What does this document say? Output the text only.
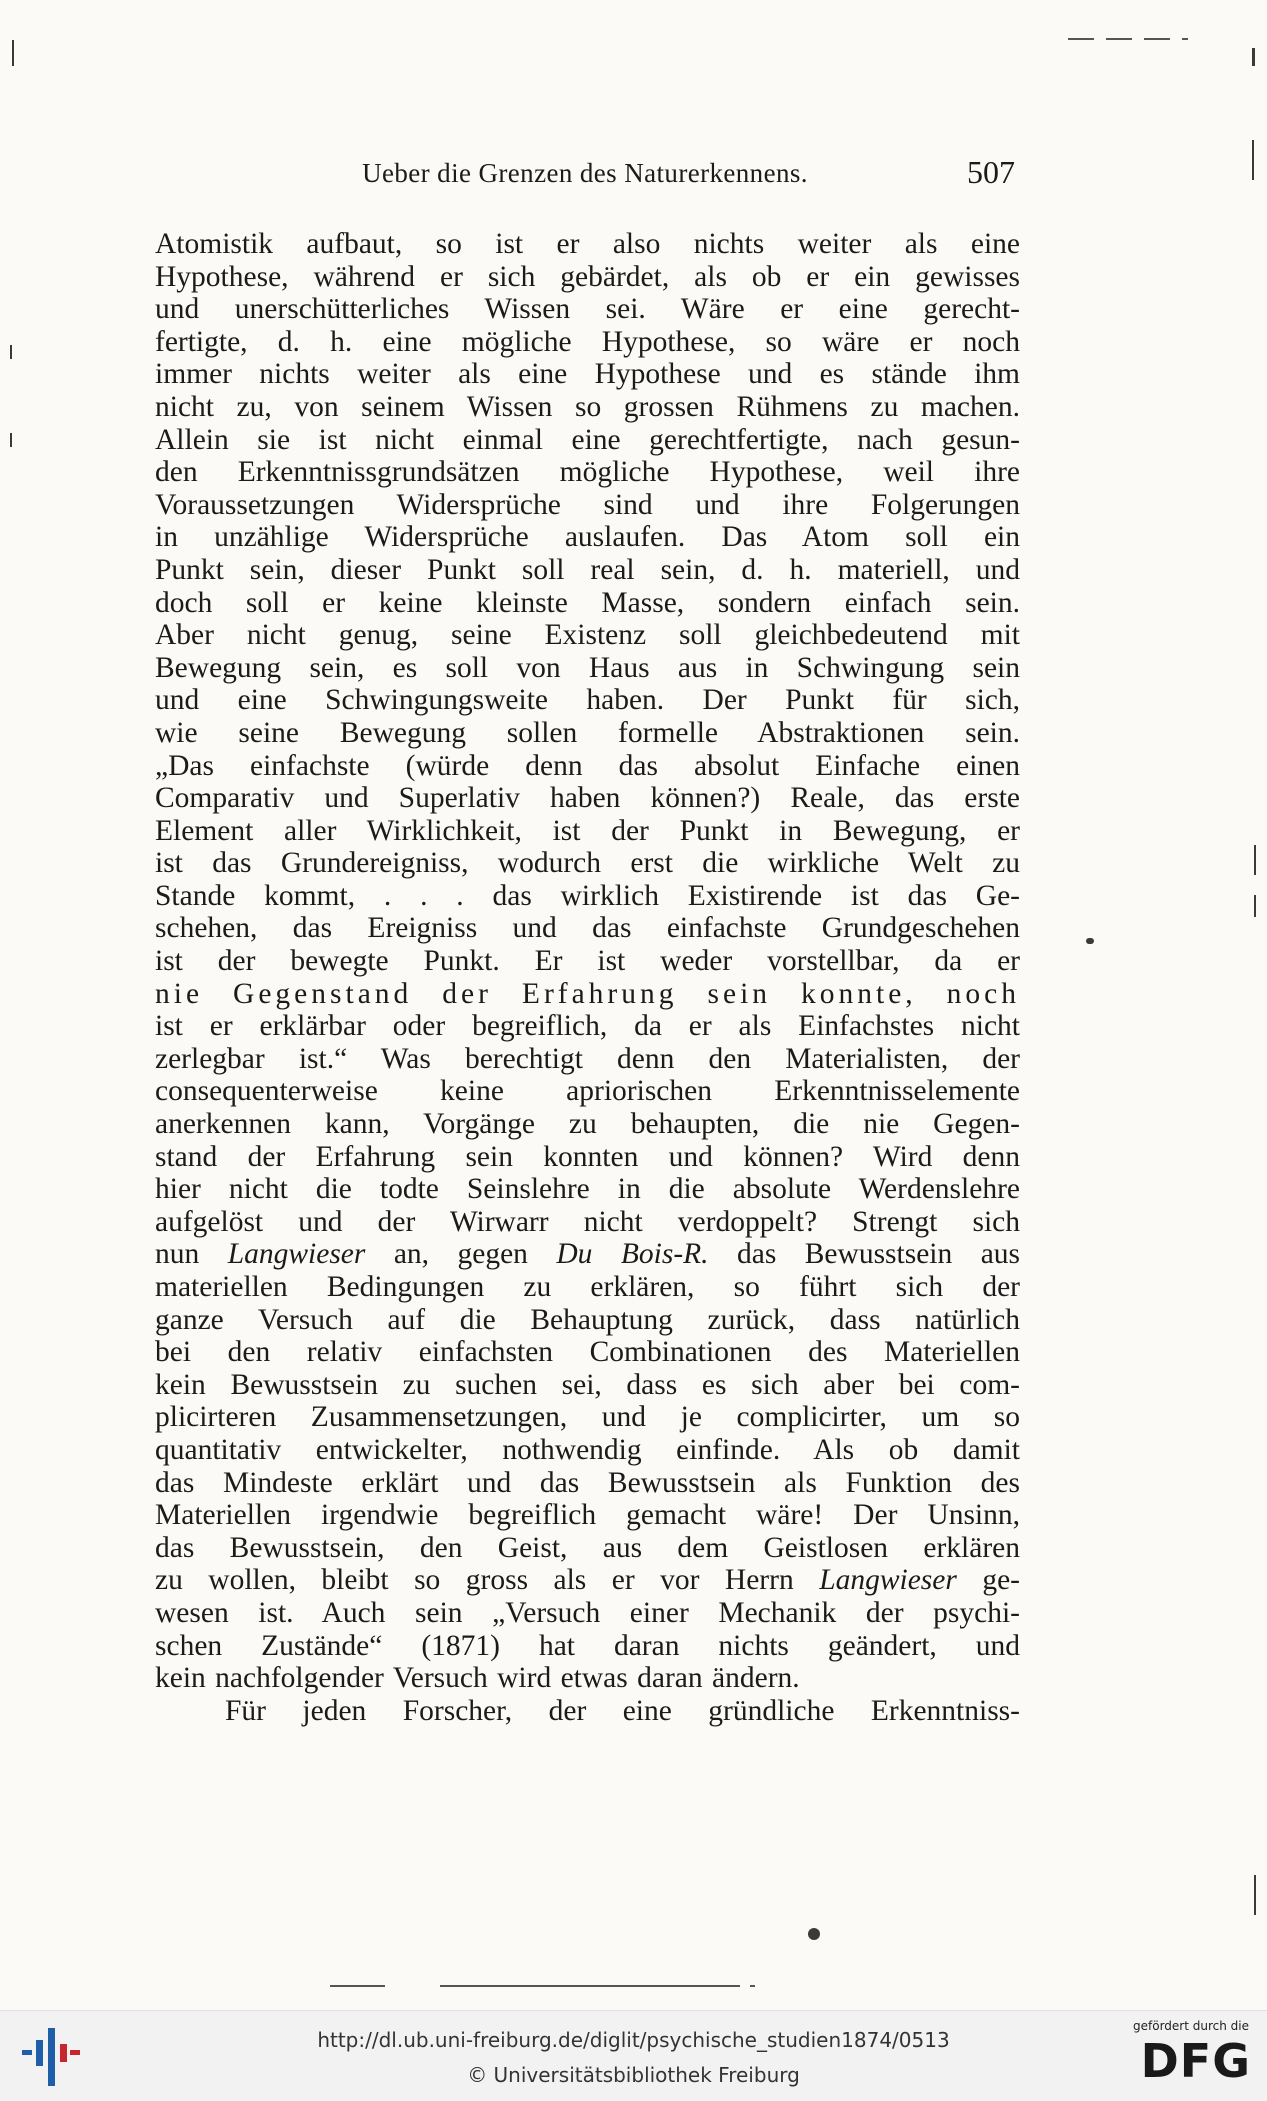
Ueber die Grenzen des Naturerkennens.	507
Atomistik aufbaut, so ist er also nichts weiter als eine
Hypothese, während er sich gebärdet, als ob er ein gewisses
und unerschütterliches Wissen sei. Wäre er eine gerecht-
fertigte, d. h. eine mögliche Hypothese, so wäre er noch
immer nichts weiter als eine Hypothese und es stände ihm
nicht zu, von seinem Wissen so grossen Rühmens zu machen.
Allein sie ist nicht einmal eine gerechtfertigte, nach gesun-
den Erkenntnissgrundsätzen mögliche Hypothese, weil ihre
Voraussetzungen Widersprüche sind und ihre Folgerungen
in unzählige Widersprüche auslaufen. Das Atom soll ein
Punkt sein, dieser Punkt soll real sein, d. h. materiell, und
doch soll er keine kleinste Masse, sondern einfach sein.
Aber nicht genug, seine Existenz soll gleichbedeutend mit
Bewegung sein, es soll von Haus aus in Schwingung sein
und eine Schwingungsweite haben. Der Punkt für sich,
wie seine Bewegung sollen formelle Abstraktionen sein.
„Das einfachste (würde denn das absolut Einfache einen
Comparativ und Superlativ haben können?) Reale, das erste
Element aller Wirklichkeit, ist der Punkt in Bewegung, er
ist das Grundereigniss, wodurch erst die wirkliche Welt zu
Stande kommt, . . . das wirklich Existirende ist das Ge-
schehen, das Ereigniss und das einfachste Grundgeschehen
ist der bewegte Punkt. Er ist weder vorstellbar, da er
nie Gegenstand der Erfahrung sein konnte, noch
ist er erklärbar oder begreiflich, da er als Einfachstes nicht
zerlegbar ist.“ Was berechtigt denn den Materialisten, der
consequenterweise keine apriorischen Erkenntnisselemente
anerkennen kann, Vorgänge zu behaupten, die nie Gegen-
stand der Erfahrung sein konnten und können? Wird denn
hier nicht die todte Seinslehre in die absolute Werdenslehre
aufgelöst und der Wirwarr nicht verdoppelt? Strengt sich
nun Langwieser an, gegen Du Bois-R. das Bewusstsein aus
materiellen Bedingungen zu erklären, so führt sich der
ganze Versuch auf die Behauptung zurück, dass natürlich
bei den relativ einfachsten Combinationen des Materiellen
kein Bewusstsein zu suchen sei, dass es sich aber bei com-
plicirteren Zusammensetzungen, und je complicirter, um so
quantitativ entwickelter, nothwendig einfinde. Als ob damit
das Mindeste erklärt und das Bewusstsein als Funktion des
Materiellen irgendwie begreiflich gemacht wäre! Der Unsinn,
das Bewusstsein, den Geist, aus dem Geistlosen erklären
zu wollen, bleibt so gross als er vor Herrn Langwieser ge-
wesen ist. Auch sein „Versuch einer Mechanik der psychi-
schen Zustände“ (1871) hat daran nichts geändert, und
kein nachfolgender Versuch wird etwas daran ändern.
Für jeden Forscher, der eine gründliche Erkenntniss-
http://dl.ub.uni-freiburg.de/diglit/psychische_studien1874/0513
© Universitätsbibliothek Freiburg
gefördert durch die
DFG
